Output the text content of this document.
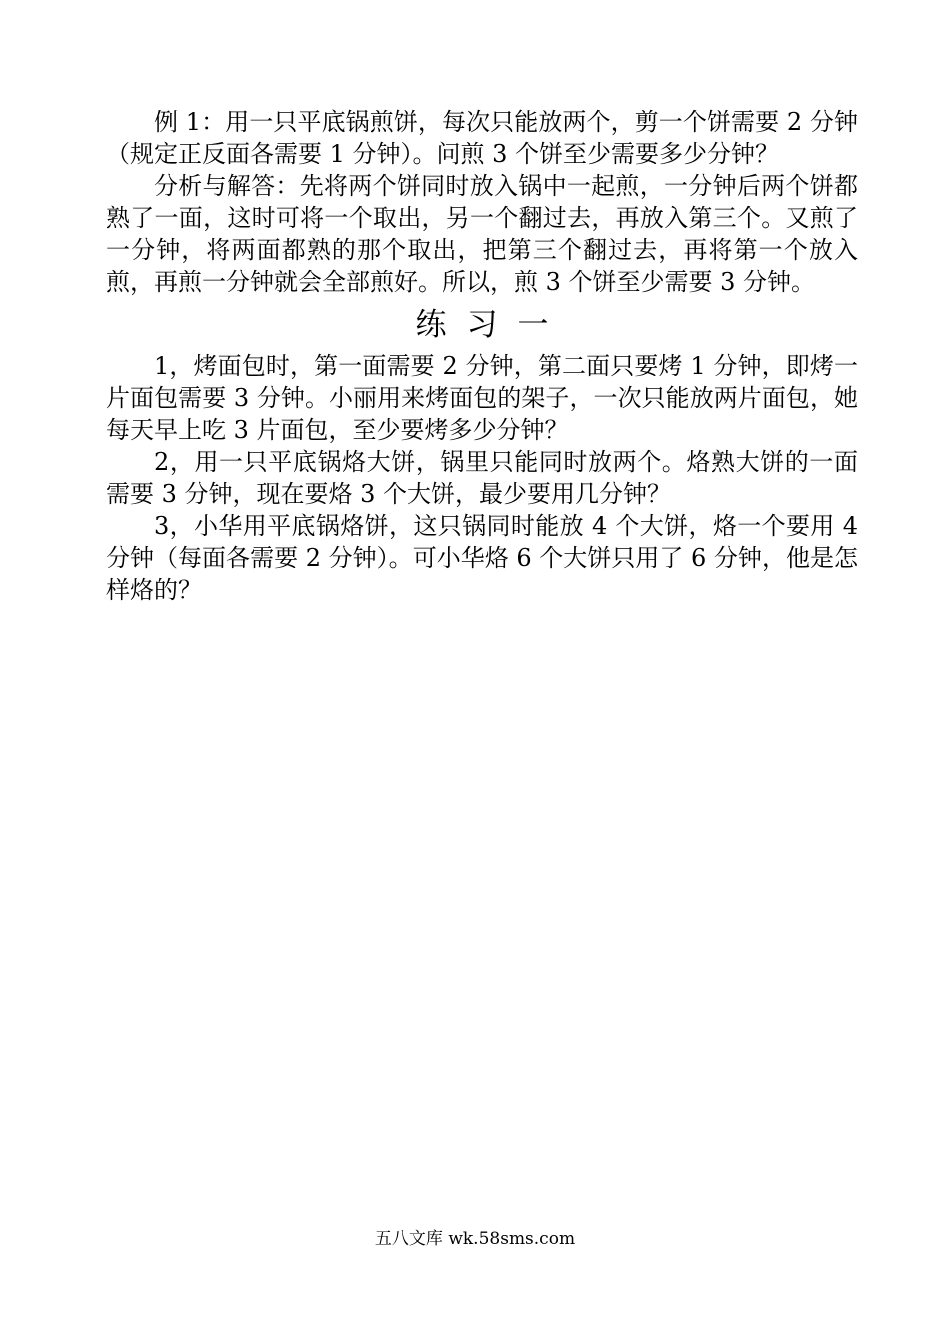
例 1：用一只平底锅煎饼，每次只能放两个，剪一个饼需要 2 分钟（规定正反面各需要 1 分钟）。问煎 3 个饼至少需要多少分钟？

分析与解答：先将两个饼同时放入锅中一起煎，一分钟后两个饼都熟了一面，这时可将一个取出，另一个翻过去，再放入第三个。又煎了一分钟，将两面都熟的那个取出，把第三个翻过去，再将第一个放入煎，再煎一分钟就会全部煎好。所以，煎 3 个饼至少需要 3 分钟。

练习一

1，烤面包时，第一面需要 2 分钟，第二面只要烤 1 分钟，即烤一片面包需要 3 分钟。小丽用来烤面包的架子，一次只能放两片面包，她每天早上吃 3 片面包，至少要烤多少分钟？

2，用一只平底锅烙大饼，锅里只能同时放两个。烙熟大饼的一面需要 3 分钟，现在要烙 3 个大饼，最少要用几分钟？

3，小华用平底锅烙饼，这只锅同时能放 4 个大饼，烙一个要用 4 分钟（每面各需要 2 分钟）。可小华烙 6 个大饼只用了 6 分钟，他是怎样烙的？

五八文库 wk.58sms.com
